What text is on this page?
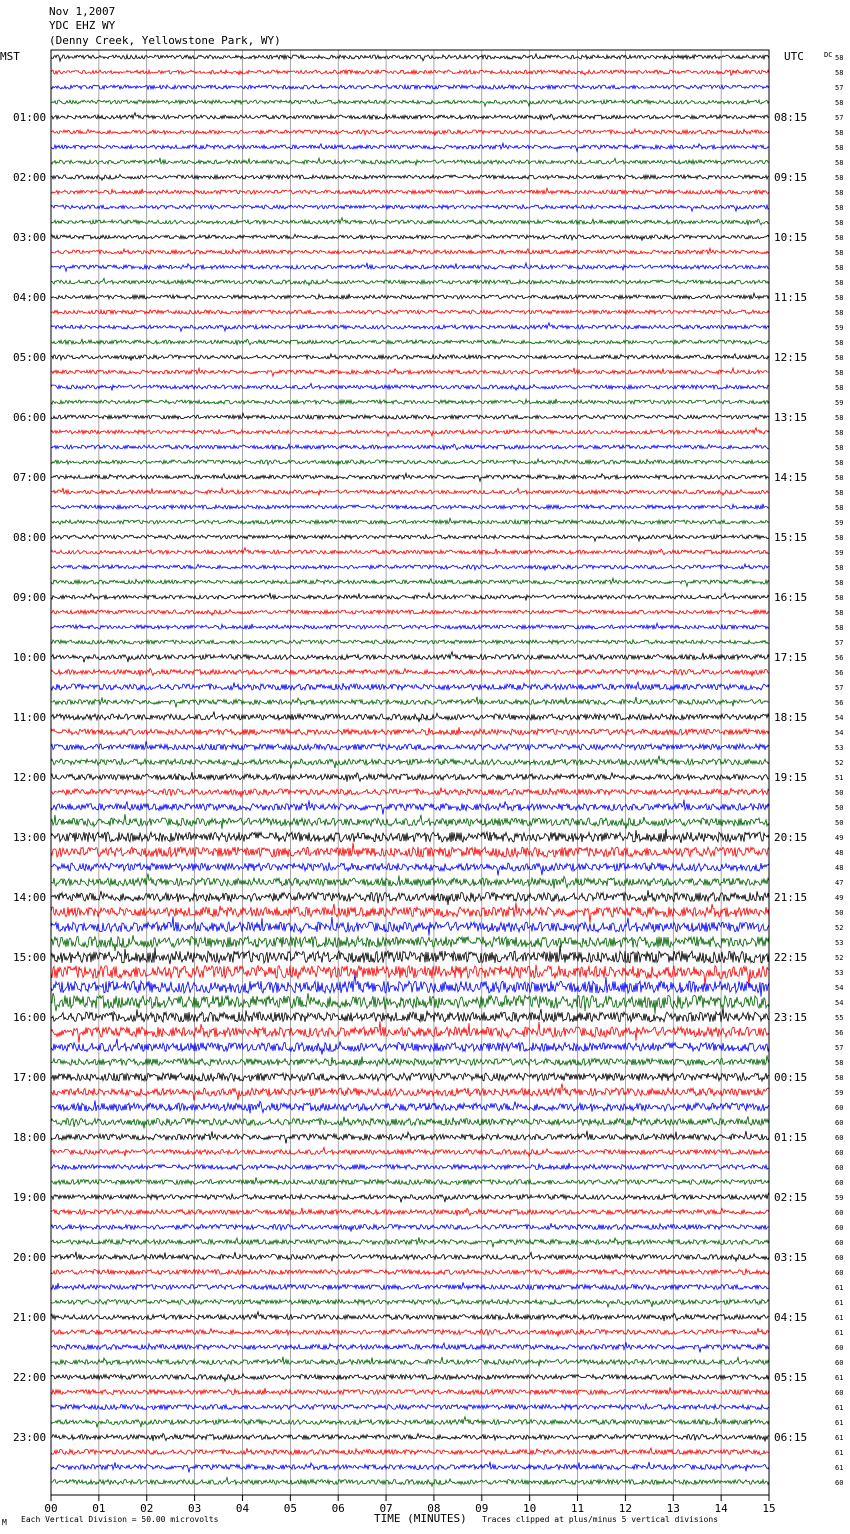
Nov 1,2007
YDC EHZ WY
(Denny Creek, Yellowstone Park, WY)
00	01	02	03	04	05	06	07	08	09	10	11	12	13	14	15
58
58
57
58
57
58
58
58
58
58
58
58
58
58
58
58
58
58
59
58
58
58
58
59
58
58
58
58
58
58
58
59
58
59
58
58
58
58
58
57
56
56
57
56
54
54
53
52
51
50
50
50
49
48
48
47
49
50
52
53
52
53
54
54
55
56
57
58
58
59
60
60
60
60
60
60
59
60
60
60
60
60
61
61
61
61
60
60
61
60
61
61
61
61
61
60
01:00
02:00
03:00
04:00
05:00
06:00
07:00
08:00
09:00
10:00
11:00
12:00
13:00
14:00
15:00
16:00
17:00
18:00
19:00
20:00
21:00
22:00
23:00
08:15
09:15
10:15
11:15
12:15
13:15
14:15
15:15
16:15
17:15
18:15
19:15
20:15
21:15
22:15
23:15
00:15
01:15
02:15
03:15
04:15
05:15
06:15
MST	UTC	DC
TIME (MINUTES)
M Each Vertical Division = 50.00 microvolts	Traces clipped at plus/minus 5 vertical divisions
